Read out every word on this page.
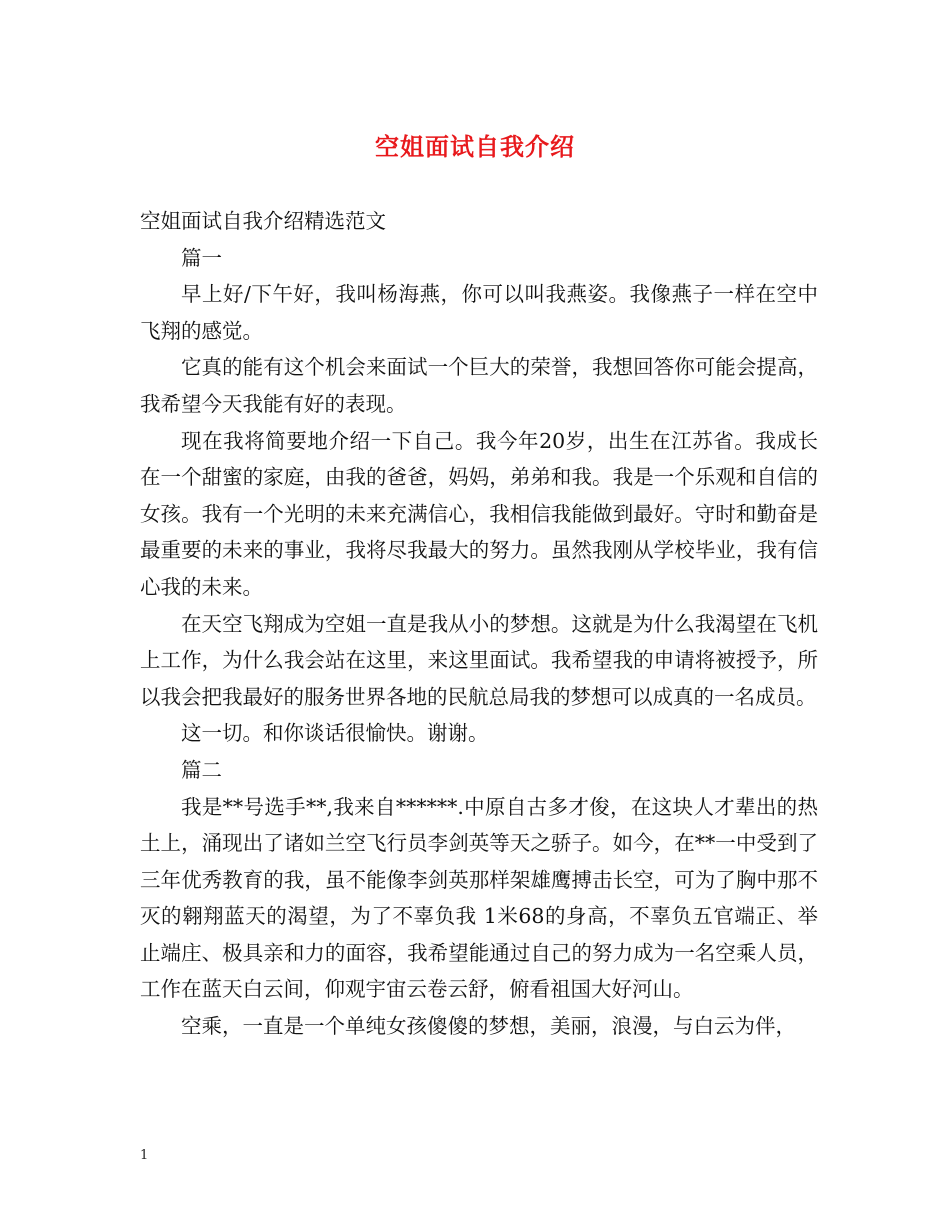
空姐面试自我介绍

空姐面试自我介绍精选范文

篇一

早上好/下午好，我叫杨海燕，你可以叫我燕姿。我像燕子一样在空中飞翔的感觉。

它真的能有这个机会来面试一个巨大的荣誉，我想回答你可能会提高，我希望今天我能有好的表现。

现在我将简要地介绍一下自己。我今年20岁，出生在江苏省。我成长在一个甜蜜的家庭，由我的爸爸，妈妈，弟弟和我。我是一个乐观和自信的女孩。我有一个光明的未来充满信心，我相信我能做到最好。守时和勤奋是最重要的未来的事业，我将尽我最大的努力。虽然我刚从学校毕业，我有信心我的未来。

在天空飞翔成为空姐一直是我从小的梦想。这就是为什么我渴望在飞机上工作，为什么我会站在这里，来这里面试。我希望我的申请将被授予，所以我会把我最好的服务世界各地的民航总局我的梦想可以成真的一名成员。

这一切。和你谈话很愉快。谢谢。

篇二

我是**号选手**,我来自******.中原自古多才俊，在这块人才辈出的热土上，涌现出了诸如兰空飞行员李剑英等天之骄子。如今，在**一中受到了三年优秀教育的我，虽不能像李剑英那样架雄鹰搏击长空，可为了胸中那不灭的翱翔蓝天的渴望，为了不辜负我 1米68的身高，不辜负五官端正、举止端庄、极具亲和力的面容，我希望能通过自己的努力成为一名空乘人员，工作在蓝天白云间，仰观宇宙云卷云舒，俯看祖国大好河山。

空乘，一直是一个单纯女孩傻傻的梦想，美丽，浪漫，与白云为伴，

1
